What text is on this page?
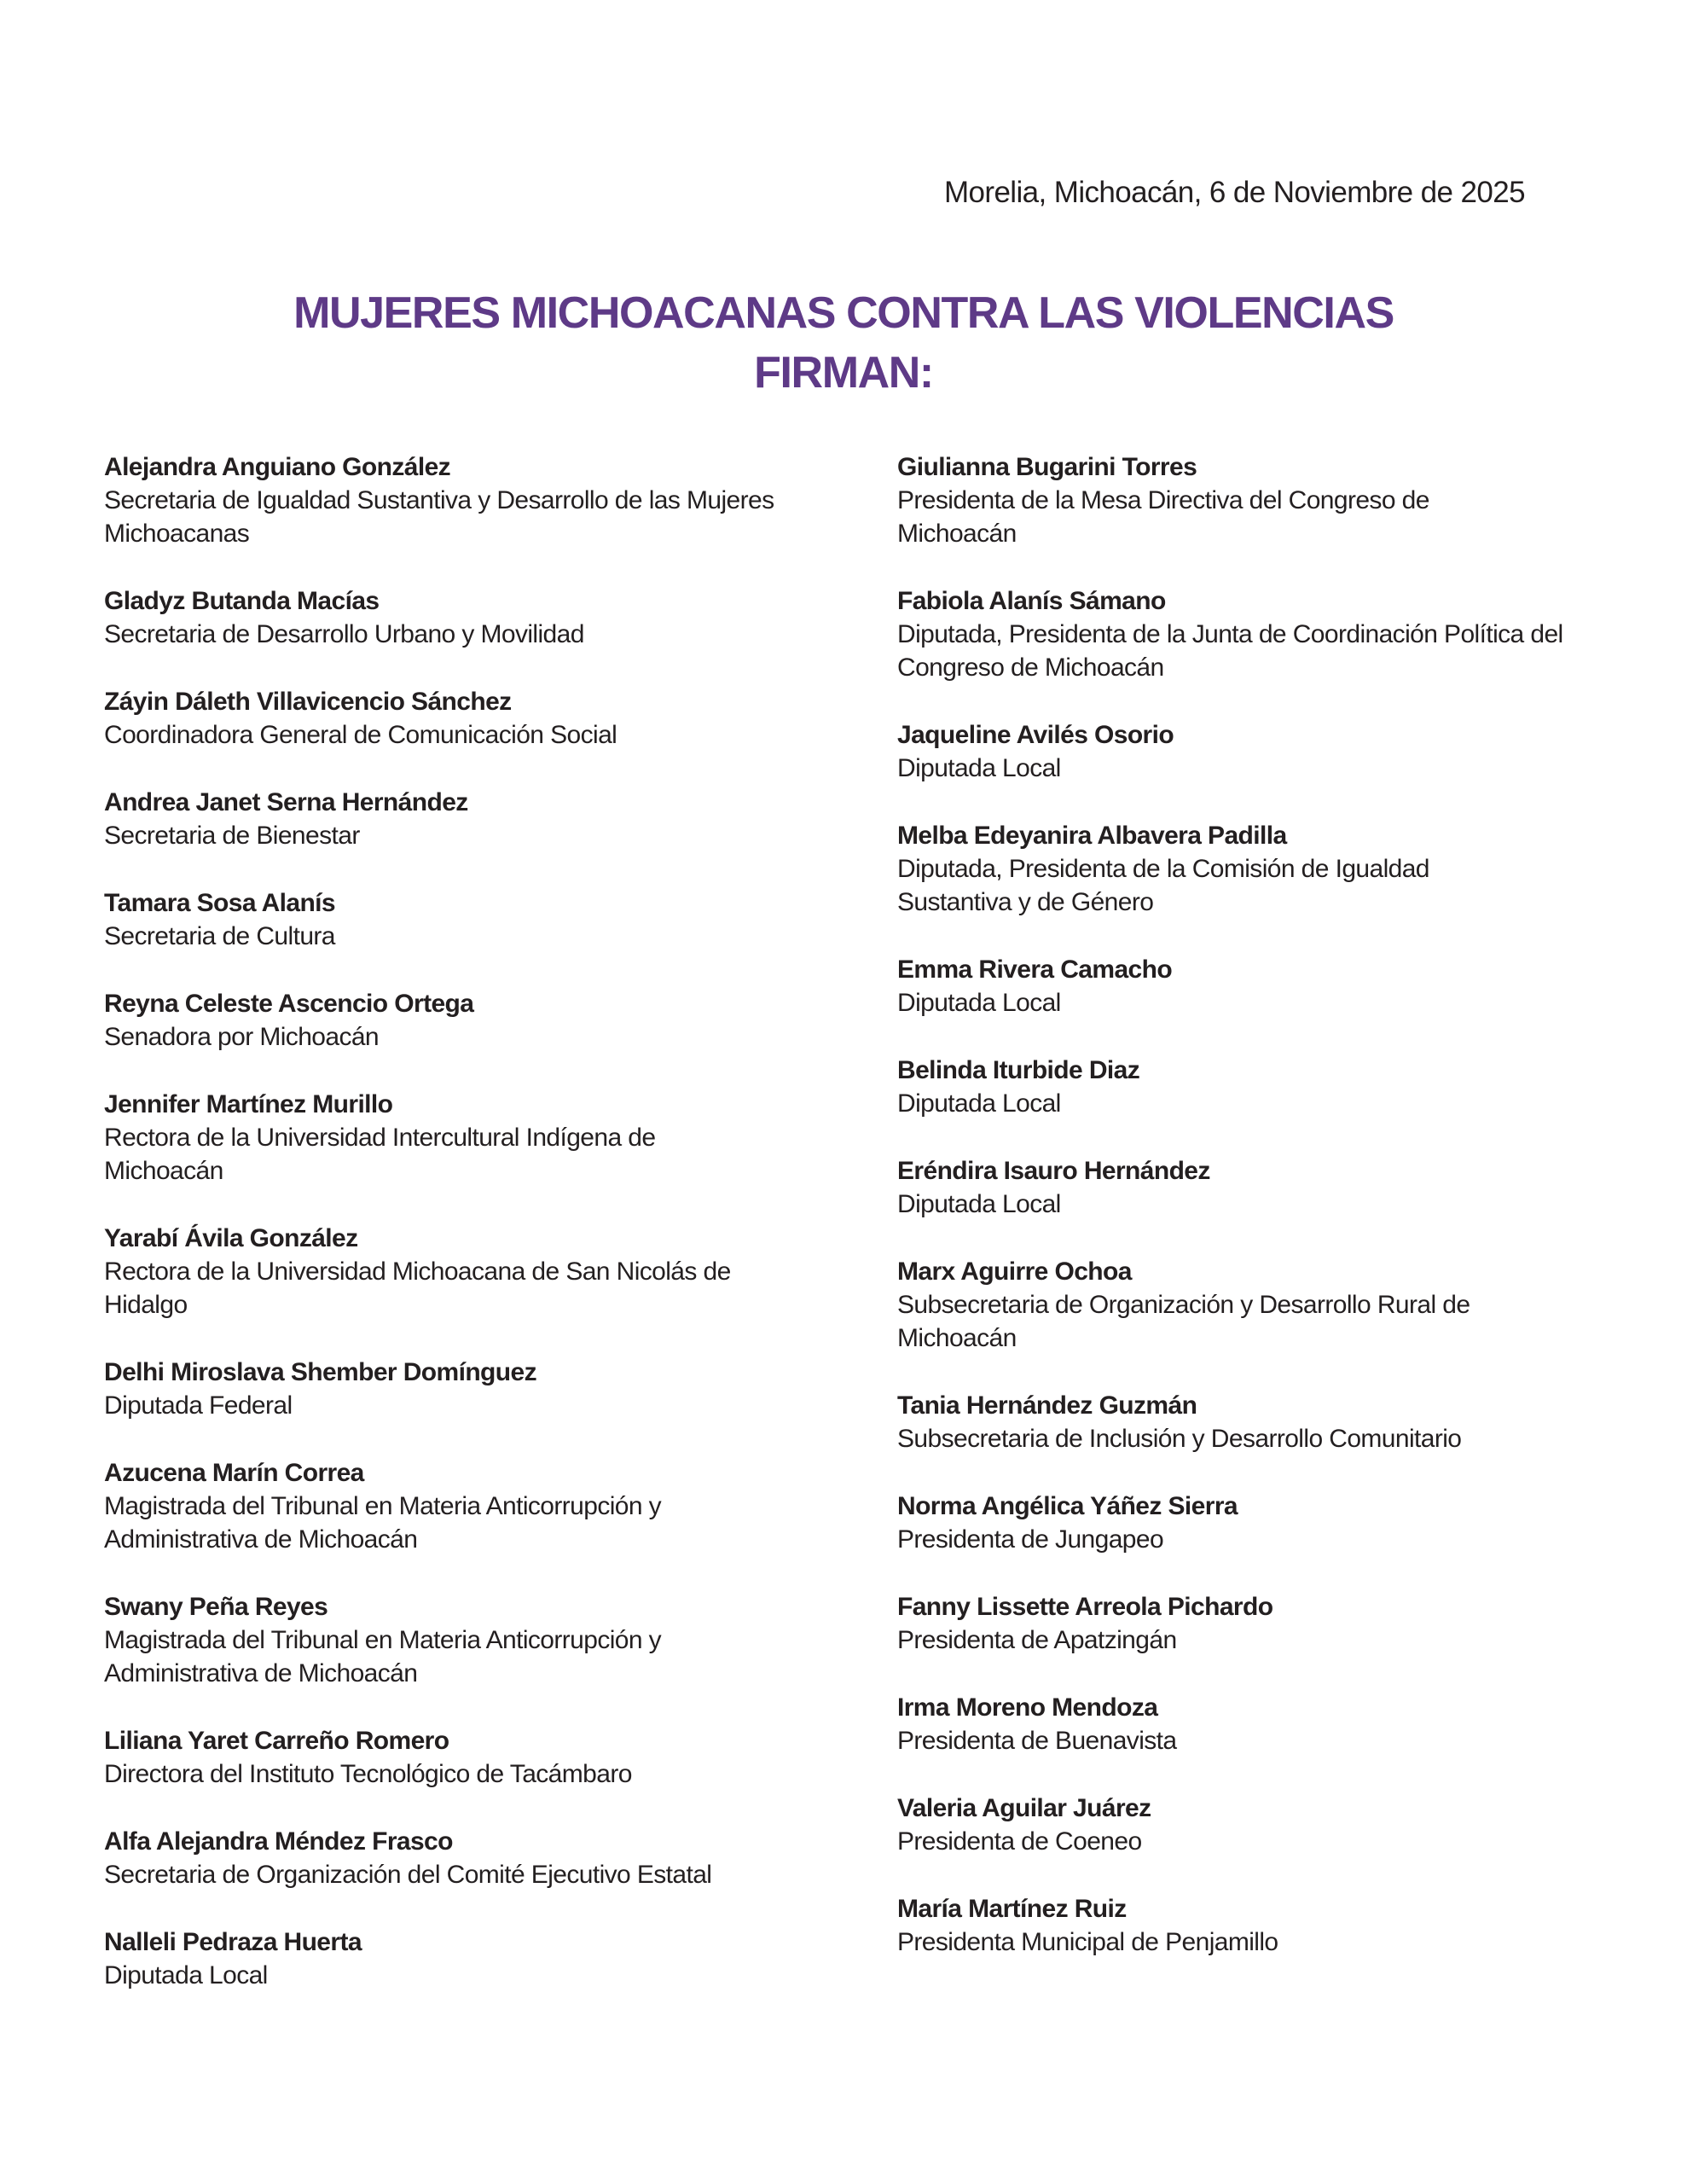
Morelia, Michoacán, 6 de Noviembre de 2025
MUJERES MICHOACANAS CONTRA LAS VIOLENCIAS
FIRMAN:
Alejandra Anguiano González
Secretaria de Igualdad Sustantiva y Desarrollo de las Mujeres Michoacanas
Gladyz Butanda Macías
Secretaria de Desarrollo Urbano y Movilidad
Záyin Dáleth Villavicencio Sánchez
Coordinadora General de Comunicación Social
Andrea Janet Serna Hernández
Secretaria de Bienestar
Tamara Sosa Alanís
Secretaria de Cultura
Reyna Celeste Ascencio Ortega
Senadora por Michoacán
Jennifer Martínez Murillo
Rectora de la Universidad Intercultural Indígena de Michoacán
Yarabí Ávila González
Rectora de la Universidad Michoacana de San Nicolás de Hidalgo
Delhi Miroslava Shember Domínguez
Diputada Federal
Azucena Marín Correa
Magistrada del Tribunal en Materia Anticorrupción y Administrativa de Michoacán
Swany Peña Reyes
Magistrada del Tribunal en Materia Anticorrupción y Administrativa de Michoacán
Liliana Yaret Carreño Romero
Directora del Instituto Tecnológico de Tacámbaro
Alfa Alejandra Méndez Frasco
Secretaria de Organización del Comité Ejecutivo Estatal
Nalleli Pedraza Huerta
Diputada Local
Giulianna Bugarini Torres
Presidenta de la Mesa Directiva del Congreso de Michoacán
Fabiola Alanís Sámano
Diputada, Presidenta de la Junta de Coordinación Política del Congreso de Michoacán
Jaqueline Avilés Osorio
Diputada Local
Melba Edeyanira Albavera Padilla
Diputada, Presidenta de la Comisión de Igualdad Sustantiva y de Género
Emma Rivera Camacho
Diputada Local
Belinda Iturbide Diaz
Diputada Local
Eréndira Isauro Hernández
Diputada Local
Marx Aguirre Ochoa
Subsecretaria de Organización y Desarrollo Rural de Michoacán
Tania Hernández Guzmán
Subsecretaria de Inclusión y Desarrollo Comunitario
Norma Angélica Yáñez Sierra
Presidenta de Jungapeo
Fanny Lissette Arreola Pichardo
Presidenta de Apatzingán
Irma Moreno Mendoza
Presidenta de Buenavista
Valeria Aguilar Juárez
Presidenta de Coeneo
María Martínez Ruiz
Presidenta Municipal de Penjamillo
